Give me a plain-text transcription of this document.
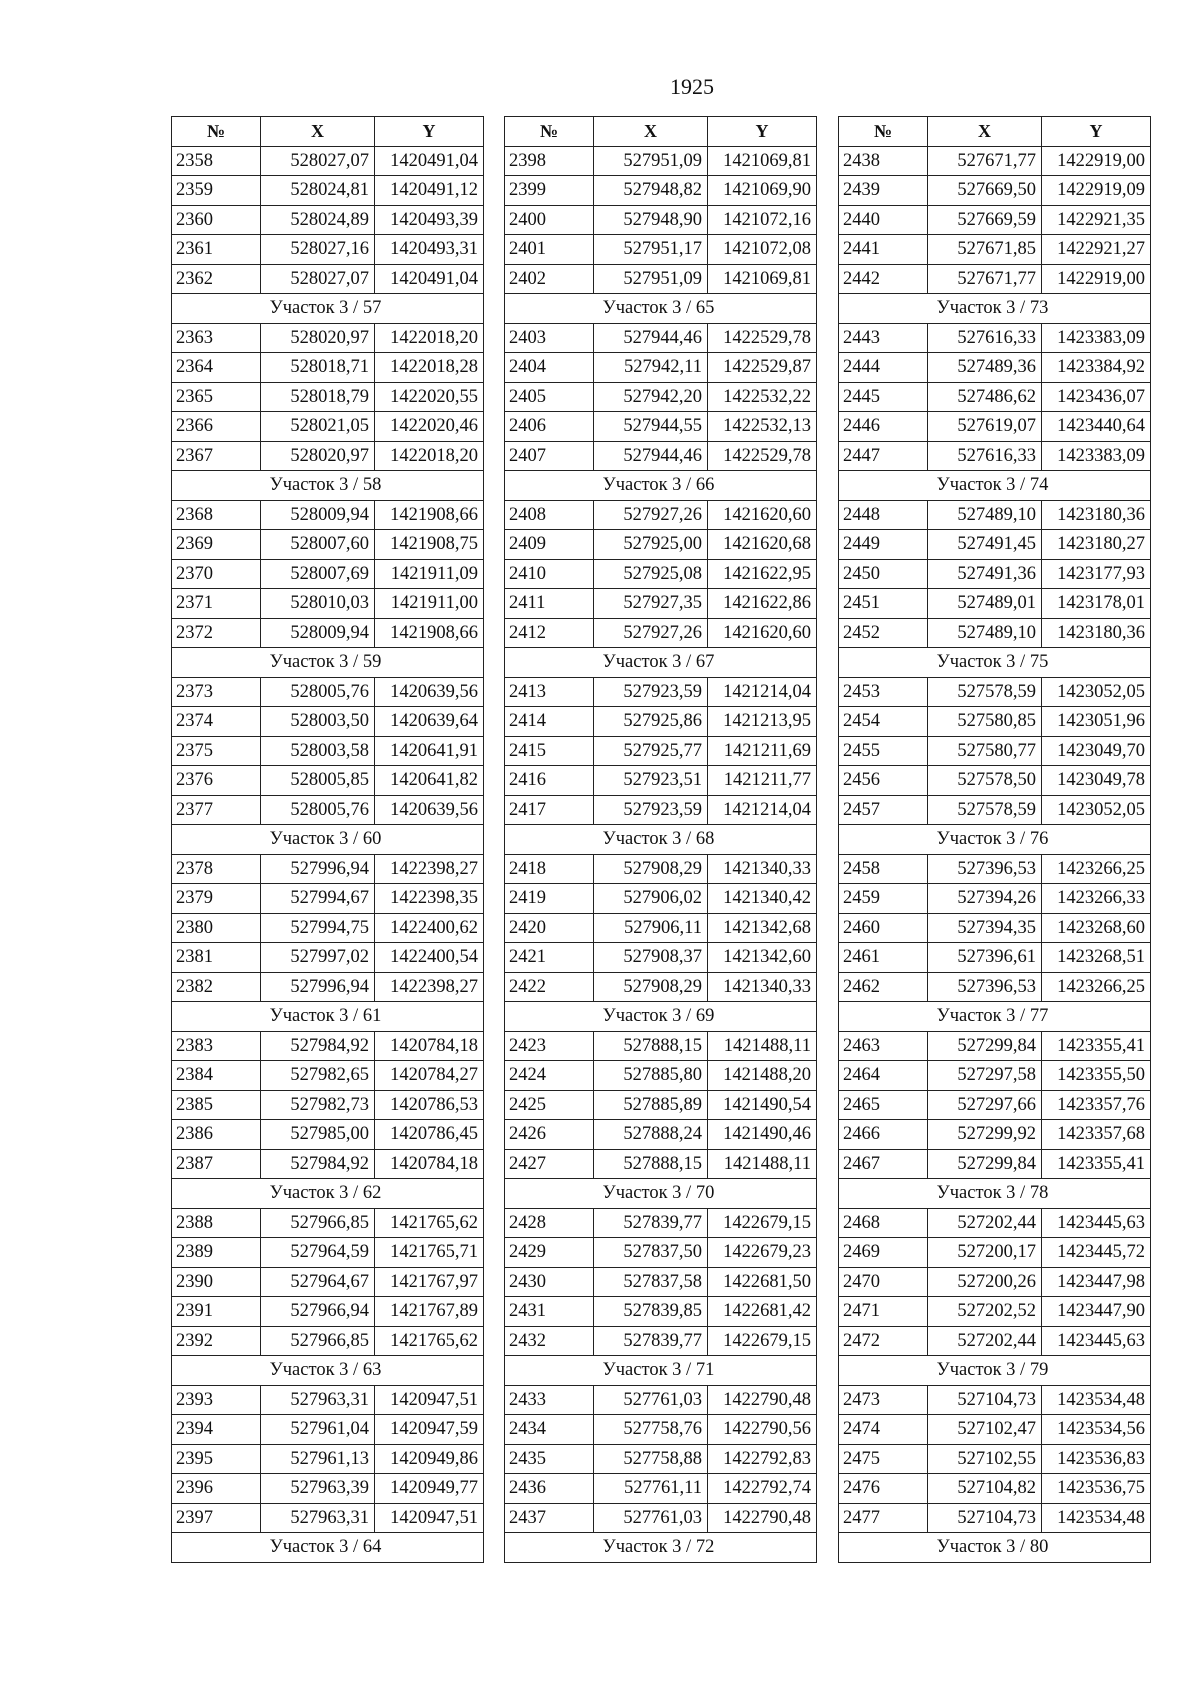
1925
№	X	Y
2358	528027,07	1420491,04
2359	528024,81	1420491,12
2360	528024,89	1420493,39
2361	528027,16	1420493,31
2362	528027,07	1420491,04
Участок 3 / 57		
2363	528020,97	1422018,20
2364	528018,71	1422018,28
2365	528018,79	1422020,55
2366	528021,05	1422020,46
2367	528020,97	1422018,20
Участок 3 / 58		
2368	528009,94	1421908,66
2369	528007,60	1421908,75
2370	528007,69	1421911,09
2371	528010,03	1421911,00
2372	528009,94	1421908,66
Участок 3 / 59		
2373	528005,76	1420639,56
2374	528003,50	1420639,64
2375	528003,58	1420641,91
2376	528005,85	1420641,82
2377	528005,76	1420639,56
Участок 3 / 60		
2378	527996,94	1422398,27
2379	527994,67	1422398,35
2380	527994,75	1422400,62
2381	527997,02	1422400,54
2382	527996,94	1422398,27
Участок 3 / 61		
2383	527984,92	1420784,18
2384	527982,65	1420784,27
2385	527982,73	1420786,53
2386	527985,00	1420786,45
2387	527984,92	1420784,18
Участок 3 / 62		
2388	527966,85	1421765,62
2389	527964,59	1421765,71
2390	527964,67	1421767,97
2391	527966,94	1421767,89
2392	527966,85	1421765,62
Участок 3 / 63		
2393	527963,31	1420947,51
2394	527961,04	1420947,59
2395	527961,13	1420949,86
2396	527963,39	1420949,77
2397	527963,31	1420947,51
Участок 3 / 64		
№	X	Y
2398	527951,09	1421069,81
2399	527948,82	1421069,90
2400	527948,90	1421072,16
2401	527951,17	1421072,08
2402	527951,09	1421069,81
Участок 3 / 65		
2403	527944,46	1422529,78
2404	527942,11	1422529,87
2405	527942,20	1422532,22
2406	527944,55	1422532,13
2407	527944,46	1422529,78
Участок 3 / 66		
2408	527927,26	1421620,60
2409	527925,00	1421620,68
2410	527925,08	1421622,95
2411	527927,35	1421622,86
2412	527927,26	1421620,60
Участок 3 / 67		
2413	527923,59	1421214,04
2414	527925,86	1421213,95
2415	527925,77	1421211,69
2416	527923,51	1421211,77
2417	527923,59	1421214,04
Участок 3 / 68		
2418	527908,29	1421340,33
2419	527906,02	1421340,42
2420	527906,11	1421342,68
2421	527908,37	1421342,60
2422	527908,29	1421340,33
Участок 3 / 69		
2423	527888,15	1421488,11
2424	527885,80	1421488,20
2425	527885,89	1421490,54
2426	527888,24	1421490,46
2427	527888,15	1421488,11
Участок 3 / 70		
2428	527839,77	1422679,15
2429	527837,50	1422679,23
2430	527837,58	1422681,50
2431	527839,85	1422681,42
2432	527839,77	1422679,15
Участок 3 / 71		
2433	527761,03	1422790,48
2434	527758,76	1422790,56
2435	527758,88	1422792,83
2436	527761,11	1422792,74
2437	527761,03	1422790,48
Участок 3 / 72		
№	X	Y
2438	527671,77	1422919,00
2439	527669,50	1422919,09
2440	527669,59	1422921,35
2441	527671,85	1422921,27
2442	527671,77	1422919,00
Участок 3 / 73		
2443	527616,33	1423383,09
2444	527489,36	1423384,92
2445	527486,62	1423436,07
2446	527619,07	1423440,64
2447	527616,33	1423383,09
Участок 3 / 74		
2448	527489,10	1423180,36
2449	527491,45	1423180,27
2450	527491,36	1423177,93
2451	527489,01	1423178,01
2452	527489,10	1423180,36
Участок 3 / 75		
2453	527578,59	1423052,05
2454	527580,85	1423051,96
2455	527580,77	1423049,70
2456	527578,50	1423049,78
2457	527578,59	1423052,05
Участок 3 / 76		
2458	527396,53	1423266,25
2459	527394,26	1423266,33
2460	527394,35	1423268,60
2461	527396,61	1423268,51
2462	527396,53	1423266,25
Участок 3 / 77		
2463	527299,84	1423355,41
2464	527297,58	1423355,50
2465	527297,66	1423357,76
2466	527299,92	1423357,68
2467	527299,84	1423355,41
Участок 3 / 78		
2468	527202,44	1423445,63
2469	527200,17	1423445,72
2470	527200,26	1423447,98
2471	527202,52	1423447,90
2472	527202,44	1423445,63
Участок 3 / 79		
2473	527104,73	1423534,48
2474	527102,47	1423534,56
2475	527102,55	1423536,83
2476	527104,82	1423536,75
2477	527104,73	1423534,48
Участок 3 / 80		
